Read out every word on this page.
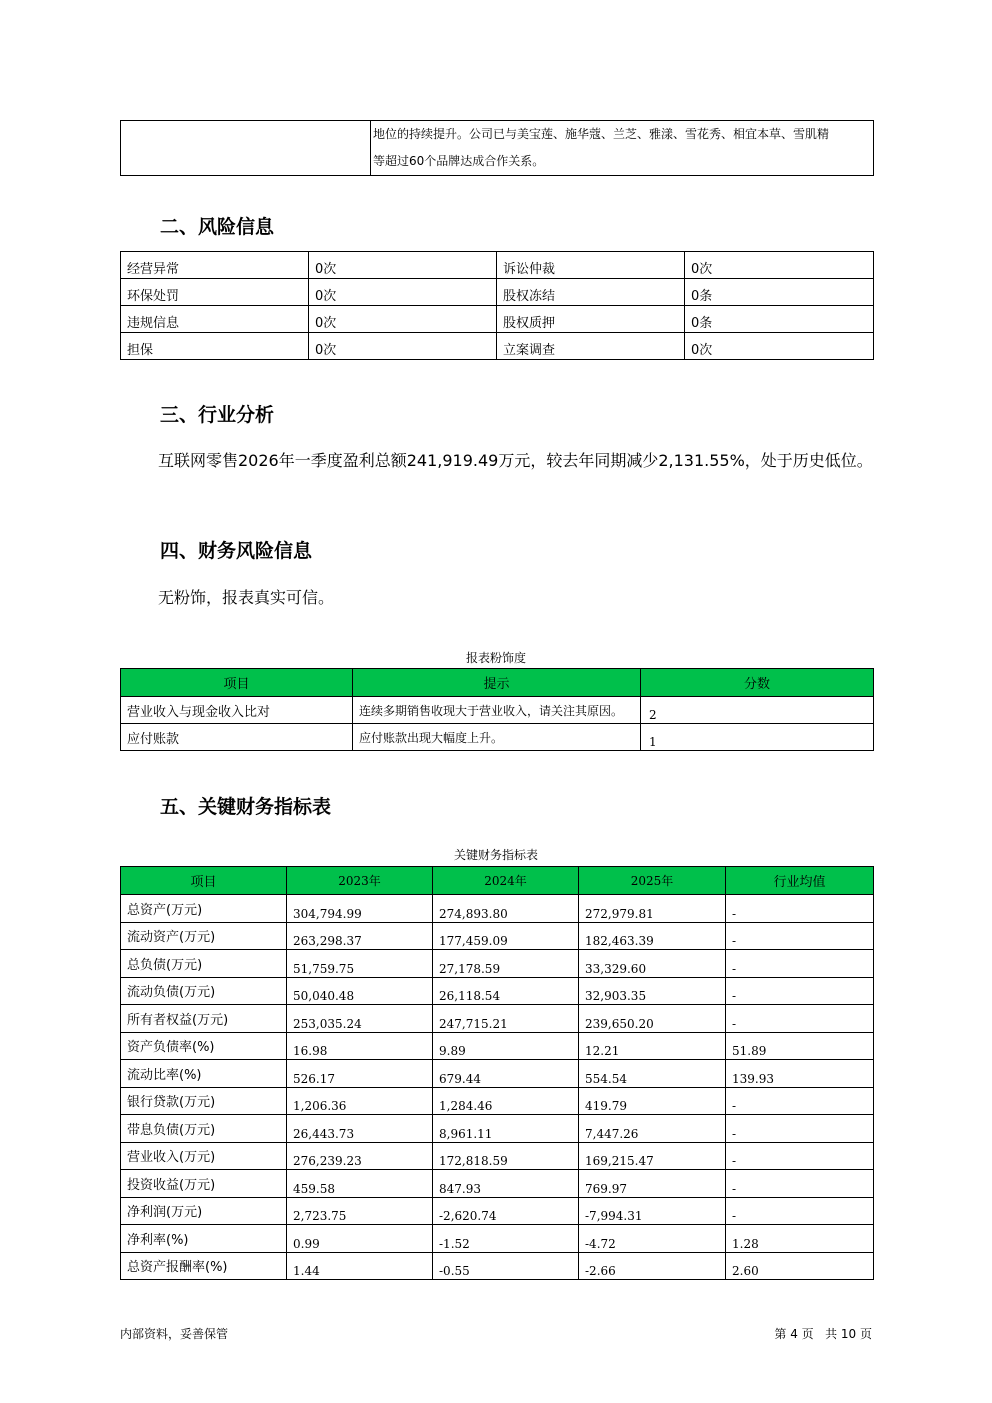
地位的持续提升。公司已与美宝莲、施华蔻、兰芝、雅漾、雪花秀、相宜本草、雪肌精
等超过60个品牌达成合作关系。
二、风险信息
经营异常	0次	诉讼仲裁	0次
环保处罚	0次	股权冻结	0条
违规信息	0次	股权质押	0条
担保	0次	立案调查	0次
三、行业分析
互联网零售2026年一季度盈利总额241,919.49万元，较去年同期减少2,131.55%，处于历史低位。
四、财务风险信息
无粉饰，报表真实可信。
报表粉饰度
项目	提示	分数
营业收入与现金收入比对	连续多期销售收现大于营业收入，请关注其原因。	2
应付账款	应付账款出现大幅度上升。	1
五、关键财务指标表
关键财务指标表
项目	2023年	2024年	2025年	行业均值
总资产(万元)	304,794.99	274,893.80	272,979.81	-
流动资产(万元)	263,298.37	177,459.09	182,463.39	-
总负债(万元)	51,759.75	27,178.59	33,329.60	-
流动负债(万元)	50,040.48	26,118.54	32,903.35	-
所有者权益(万元)	253,035.24	247,715.21	239,650.20	-
资产负债率(%)	16.98	9.89	12.21	51.89
流动比率(%)	526.17	679.44	554.54	139.93
银行贷款(万元)	1,206.36	1,284.46	419.79	-
带息负债(万元)	26,443.73	8,961.11	7,447.26	-
营业收入(万元)	276,239.23	172,818.59	169,215.47	-
投资收益(万元)	459.58	847.93	769.97	-
净利润(万元)	2,723.75	-2,620.74	-7,994.31	-
净利率(%)	0.99	-1.52	-4.72	1.28
总资产报酬率(%)	1.44	-0.55	-2.66	2.60
内部资料，妥善保管	第 4 页   共 10 页
